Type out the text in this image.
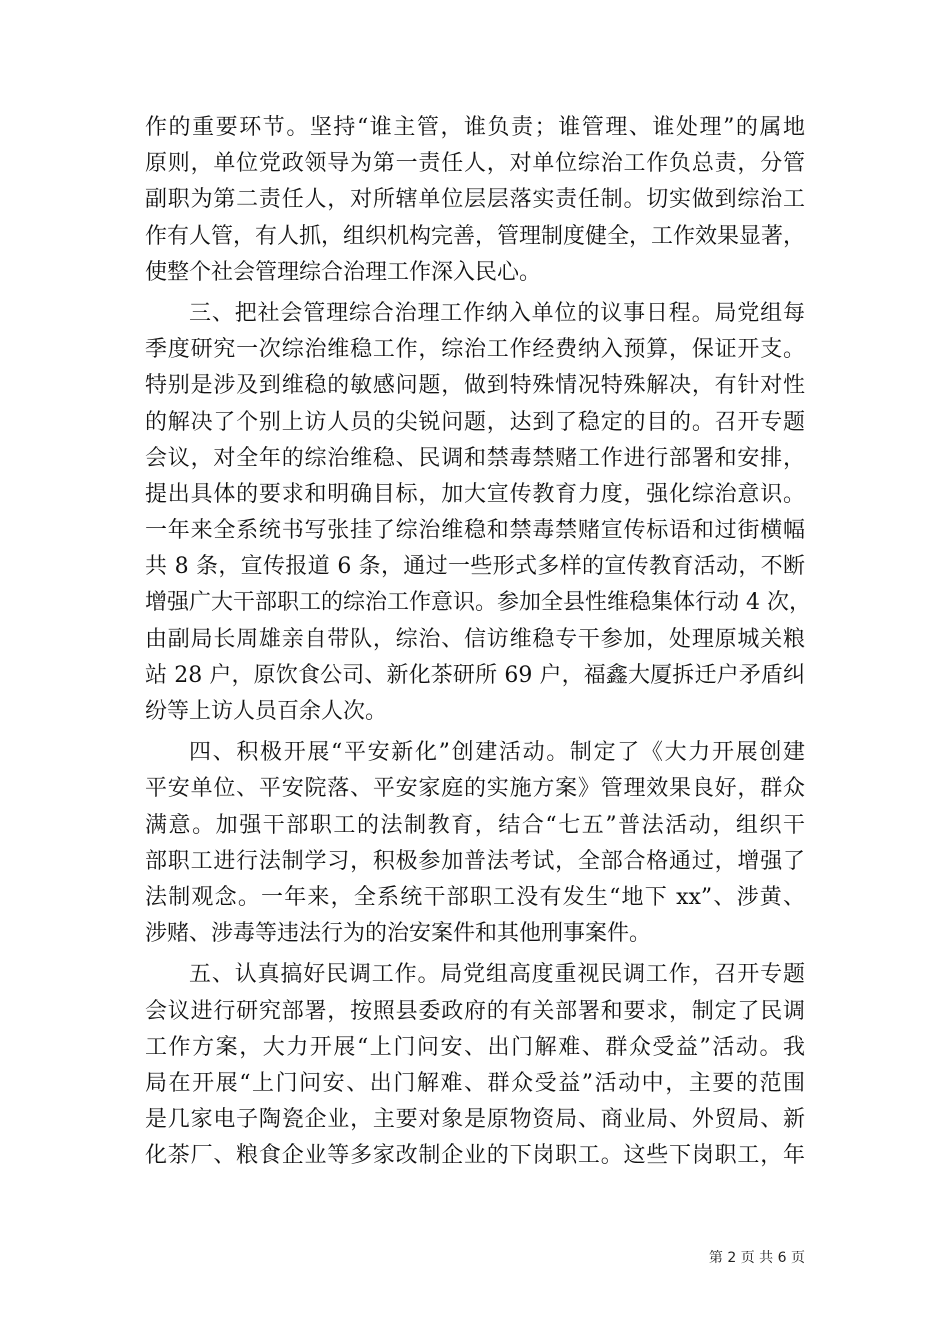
作的重要环节。坚持“谁主管，谁负责；谁管理、谁处理”的属地
原则，单位党政领导为第一责任人，对单位综治工作负总责，分管
副职为第二责任人，对所辖单位层层落实责任制。切实做到综治工
作有人管，有人抓，组织机构完善，管理制度健全，工作效果显著，
使整个社会管理综合治理工作深入民心。
三、把社会管理综合治理工作纳入单位的议事日程。局党组每
季度研究一次综治维稳工作，综治工作经费纳入预算，保证开支。
特别是涉及到维稳的敏感问题，做到特殊情况特殊解决，有针对性
的解决了个别上访人员的尖锐问题，达到了稳定的目的。召开专题
会议，对全年的综治维稳、民调和禁毒禁赌工作进行部署和安排，
提出具体的要求和明确目标，加大宣传教育力度，强化综治意识。
一年来全系统书写张挂了综治维稳和禁毒禁赌宣传标语和过街横幅
共 8 条，宣传报道 6 条，通过一些形式多样的宣传教育活动，不断
增强广大干部职工的综治工作意识。参加全县性维稳集体行动 4 次，
由副局长周雄亲自带队，综治、信访维稳专干参加，处理原城关粮
站 28 户，原饮食公司、新化茶研所 69 户，福鑫大厦拆迁户矛盾纠
纷等上访人员百余人次。
四、积极开展“平安新化”创建活动。制定了《大力开展创建
平安单位、平安院落、平安家庭的实施方案》管理效果良好，群众
满意。加强干部职工的法制教育，结合“七五”普法活动，组织干
部职工进行法制学习，积极参加普法考试，全部合格通过，增强了
法制观念。一年来，全系统干部职工没有发生“地下 xx”、涉黄、
涉赌、涉毒等违法行为的治安案件和其他刑事案件。
五、认真搞好民调工作。局党组高度重视民调工作，召开专题
会议进行研究部署，按照县委政府的有关部署和要求，制定了民调
工作方案，大力开展“上门问安、出门解难、群众受益”活动。我
局在开展“上门问安、出门解难、群众受益”活动中，主要的范围
是几家电子陶瓷企业，主要对象是原物资局、商业局、外贸局、新
化茶厂、粮食企业等多家改制企业的下岗职工。这些下岗职工，年
第 2 页 共 6 页
